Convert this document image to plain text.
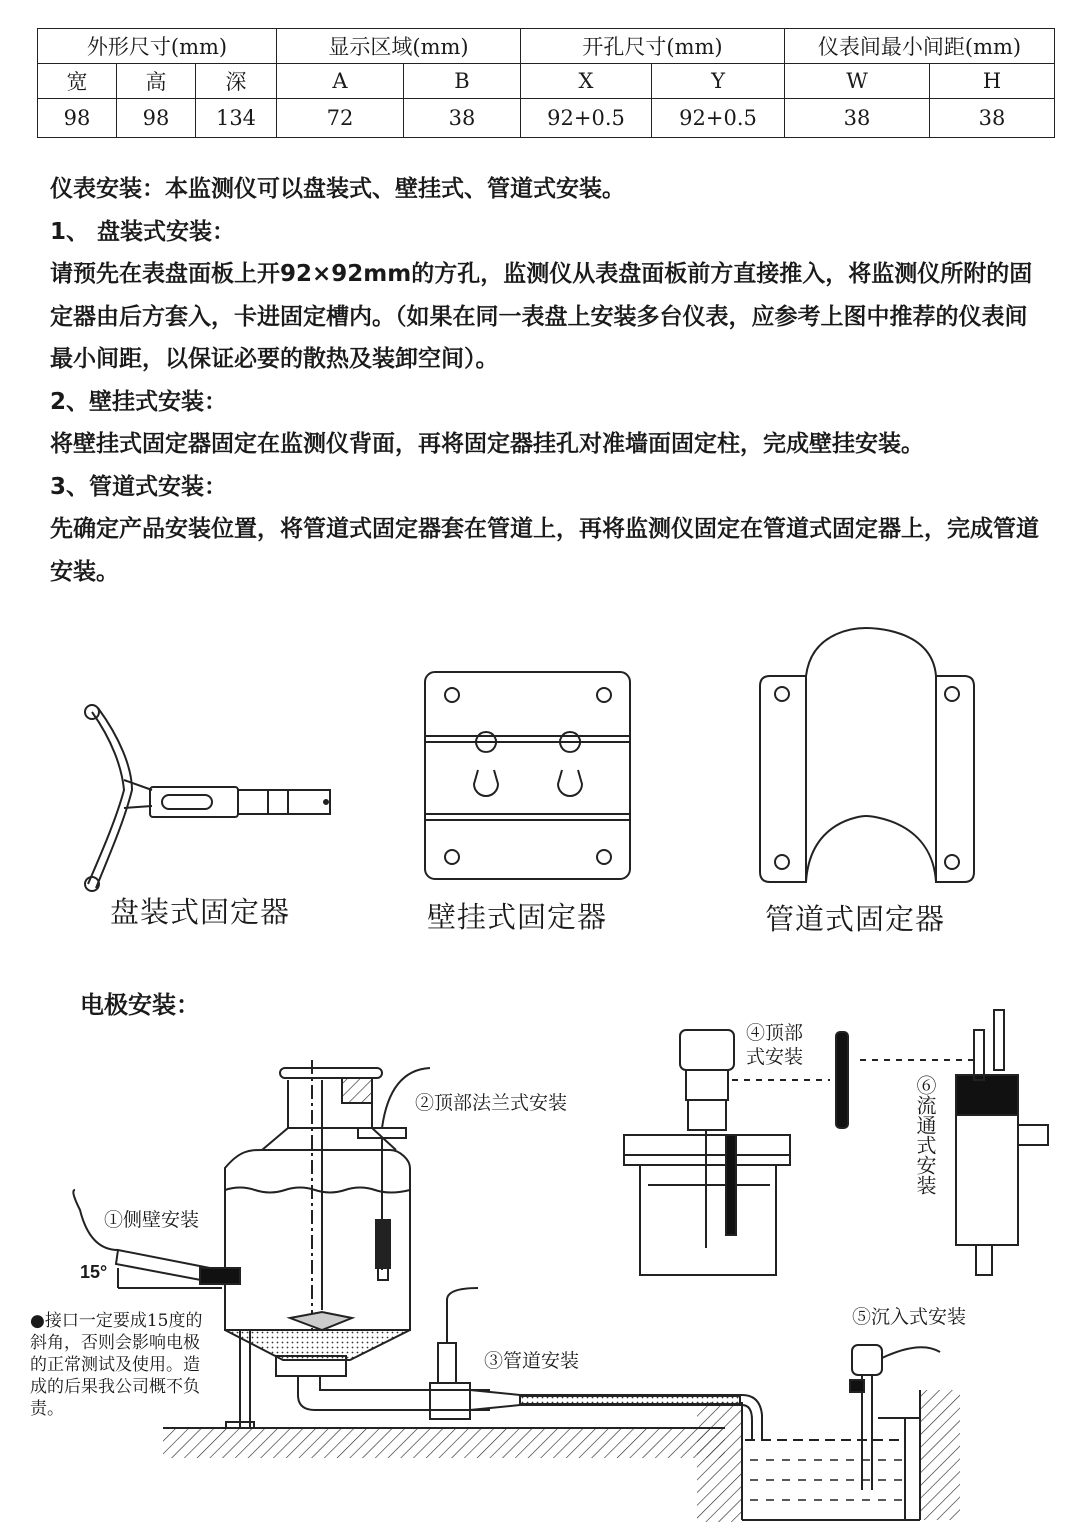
外形尺寸(mm)			显示区域(mm)		开孔尺寸(mm)		仪表间最小间距(mm)	
宽	高	深	A	B	X	Y	W	H
98	98	134	72	38	92+0.5	92+0.5	38	38

仪表安装：本监测仪可以盘装式、壁挂式、管道式安装。

1、 盘装式安装：

请预先在表盘面板上开92×92mm的方孔，监测仪从表盘面板前方直接推入，将监测仪所附的固定器由后方套入，卡进固定槽内。（如果在同一表盘上安装多台仪表，应参考上图中推荐的仪表间最小间距，以保证必要的散热及装卸空间）。

2、壁挂式安装：

将壁挂式固定器固定在监测仪背面，再将固定器挂孔对准墙面固定柱，完成壁挂安装。

3、管道式安装：

先确定产品安装位置，将管道式固定器套在管道上，再将监测仪固定在管道式固定器上，完成管道安装。

盘装式固定器	壁挂式固定器	管道式固定器
电极安装：
①侧壁安装
②顶部法兰式安装
③管道安装
④顶部
式安装
⑤沉入式安装
⑥流通式安装
15°
●接口一定要成15度的斜角，否则会影响电极的正常测试及使用。造成的后果我公司概不负责。
